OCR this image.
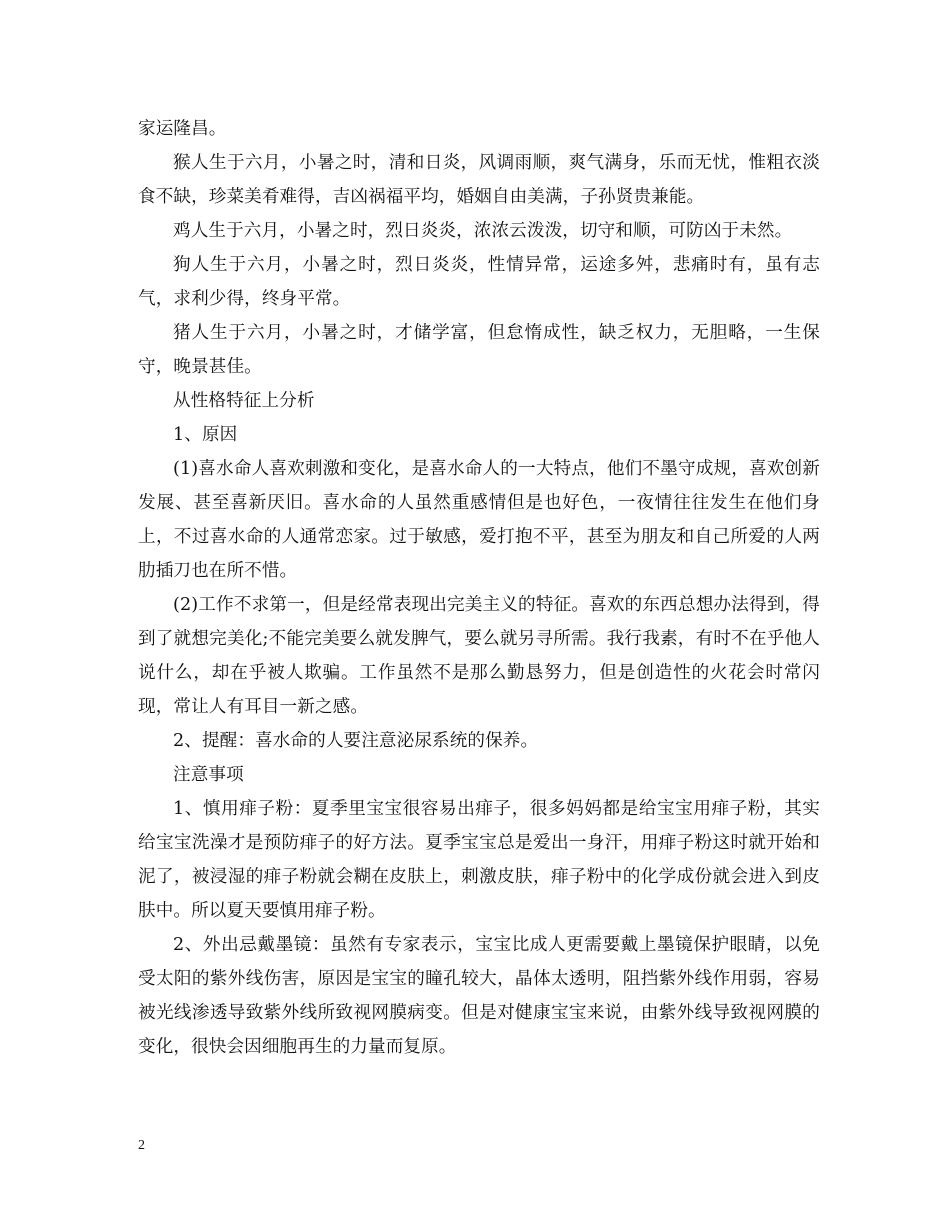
家运隆昌。

猴人生于六月，小暑之时，清和日炎，风调雨顺，爽气满身，乐而无忧，惟粗衣淡食不缺，珍菜美肴难得，吉凶祸福平均，婚姻自由美满，子孙贤贵兼能。

鸡人生于六月，小暑之时，烈日炎炎，浓浓云泼泼，切守和顺，可防凶于未然。

狗人生于六月，小暑之时，烈日炎炎，性情异常，运途多舛，悲痛时有，虽有志气，求利少得，终身平常。

猪人生于六月，小暑之时，才储学富，但怠惰成性，缺乏权力，无胆略，一生保守，晚景甚佳。

从性格特征上分析

1、原因

(1)喜水命人喜欢刺激和变化，是喜水命人的一大特点，他们不墨守成规，喜欢创新发展、甚至喜新厌旧。喜水命的人虽然重感情但是也好色，一夜情往往发生在他们身上，不过喜水命的人通常恋家。过于敏感，爱打抱不平，甚至为朋友和自己所爱的人两肋插刀也在所不惜。

(2)工作不求第一，但是经常表现出完美主义的特征。喜欢的东西总想办法得到，得到了就想完美化;不能完美要么就发脾气，要么就另寻所需。我行我素，有时不在乎他人说什么，却在乎被人欺骗。工作虽然不是那么勤恳努力，但是创造性的火花会时常闪现，常让人有耳目一新之感。

2、提醒：喜水命的人要注意泌尿系统的保养。

注意事项

1、慎用痱子粉：夏季里宝宝很容易出痱子，很多妈妈都是给宝宝用痱子粉，其实给宝宝洗澡才是预防痱子的好方法。夏季宝宝总是爱出一身汗，用痱子粉这时就开始和泥了，被浸湿的痱子粉就会糊在皮肤上，刺激皮肤，痱子粉中的化学成份就会进入到皮肤中。所以夏天要慎用痱子粉。

2、外出忌戴墨镜：虽然有专家表示，宝宝比成人更需要戴上墨镜保护眼睛，以免受太阳的紫外线伤害，原因是宝宝的瞳孔较大，晶体太透明，阻挡紫外线作用弱，容易被光线渗透导致紫外线所致视网膜病变。但是对健康宝宝来说，由紫外线导致视网膜的变化，很快会因细胞再生的力量而复原。

2
